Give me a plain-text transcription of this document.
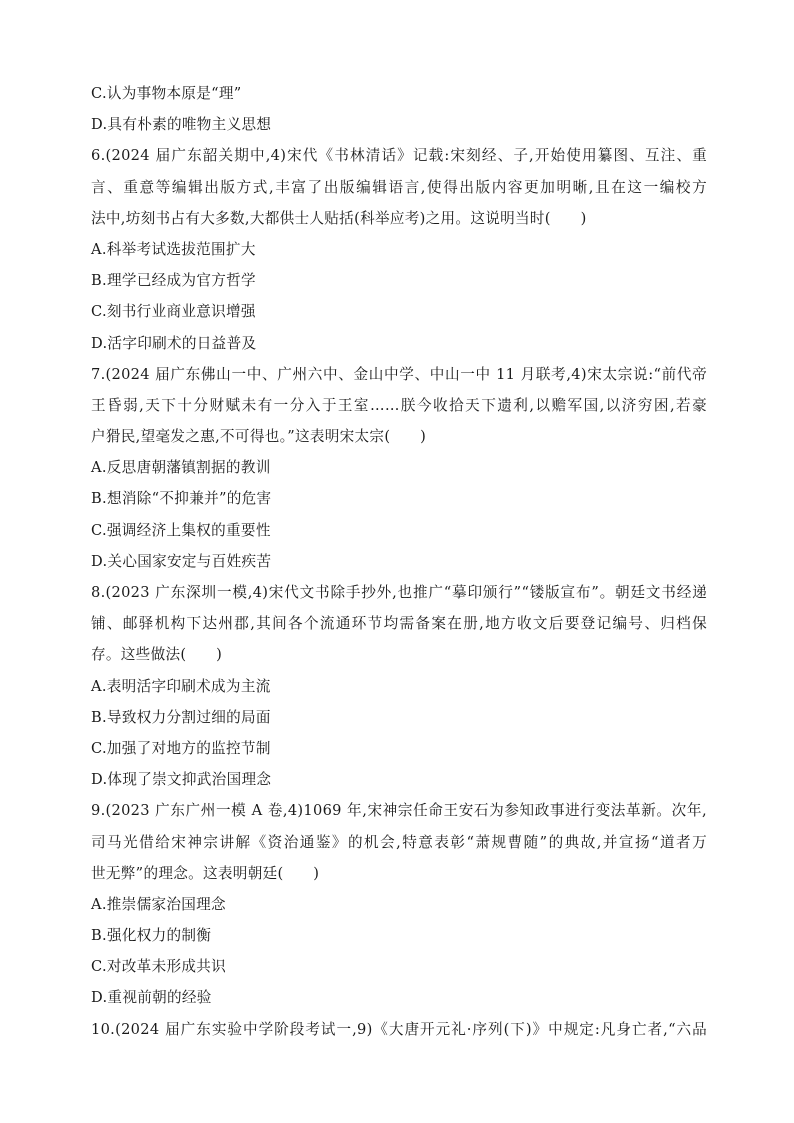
C.认为事物本原是“理”
D.具有朴素的唯物主义思想
6.(2024 届广东韶关期中,4)宋代《书林清话》记载:宋刻经、子,开始使用纂图、互注、重
言、重意等编辑出版方式,丰富了出版编辑语言,使得出版内容更加明晰,且在这一编校方
法中,坊刻书占有大多数,大都供士人贴括(科举应考)之用。这说明当时(　　)
A.科举考试选拔范围扩大
B.理学已经成为官方哲学
C.刻书行业商业意识增强
D.活字印刷术的日益普及
7.(2024 届广东佛山一中、广州六中、金山中学、中山一中 11 月联考,4)宋太宗说:“前代帝
王昏弱,天下十分财赋未有一分入于王室……朕今收拾天下遗利,以赡军国,以济穷困,若豪
户猾民,望毫发之惠,不可得也。”这表明宋太宗(　　)
A.反思唐朝藩镇割据的教训
B.想消除“不抑兼并”的危害
C.强调经济上集权的重要性
D.关心国家安定与百姓疾苦
8.(2023 广东深圳一模,4)宋代文书除手抄外,也推广“摹印颁行”“镂版宣布”。朝廷文书经递
铺、邮驿机构下达州郡,其间各个流通环节均需备案在册,地方收文后要登记编号、归档保
存。这些做法(　　)
A.表明活字印刷术成为主流
B.导致权力分割过细的局面
C.加强了对地方的监控节制
D.体现了崇文抑武治国理念
9.(2023 广东广州一模 A 卷,4)1069 年,宋神宗任命王安石为参知政事进行变法革新。次年,
司马光借给宋神宗讲解《资治通鉴》的机会,特意表彰“萧规曹随”的典故,并宣扬“道者万
世无弊”的理念。这表明朝廷(　　)
A.推崇儒家治国理念
B.强化权力的制衡
C.对改革未形成共识
D.重视前朝的经验
10.(2024 届广东实验中学阶段考试一,9)《大唐开元礼·序列(下)》中规定:凡身亡者,“六品
